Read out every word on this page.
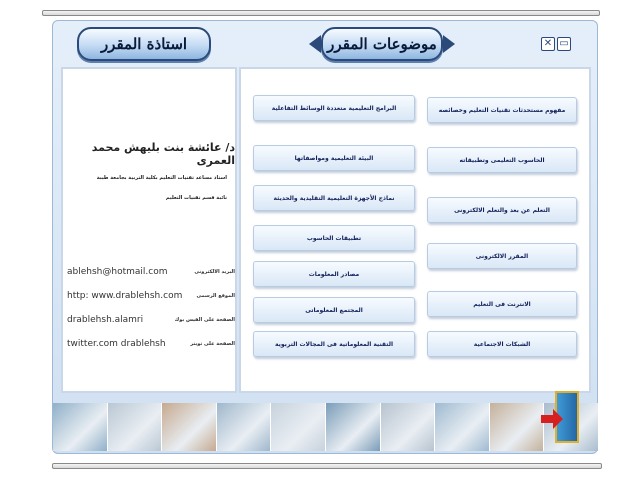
استاذة المقرر	موضوعات المقرر	✕ ▭
د/ عائشة بنت بليهش محمد العمرى
استاذ مساعد تقنيات التعليم بكلية التربية بجامعة طيبة
نائبة قسم تقنيات التعليم
ablehsh@hotmail.com	البريد الالكترونى
http: www.drablehsh.com	الموقع الرسمى
drablehsh.alamri	الصفحة على الفيس بوك
twitter.com drablehsh	الصفحة على تويتر
مفهوم مستحدثات تقنيات التعليم وخصائصه
الحاسوب التعليمى وتطبيقاته
التعلم عن بعد والتعلم الالكترونى
المقرر الالكترونى
الانترنت فى التعليم
الشبكات الاجتماعية
البرامج التعليمية متعددة الوسائط التفاعلية
البيئة التعليمية ومواصفاتها
نماذج الأجهزة التعليمية التقليدية والحديثة
تطبيقات الحاسوب
مصادر المعلومات
المجتمع المعلوماتى
التقنية المعلوماتية فى المجالات التربوية
